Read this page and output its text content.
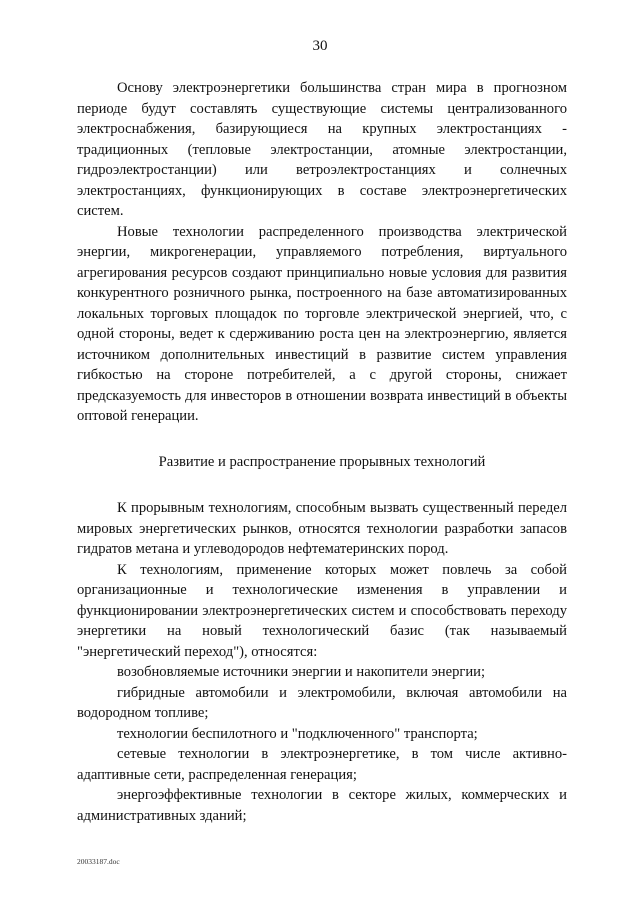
30

Основу электроэнергетики большинства стран мира в прогнозном периоде будут составлять существующие системы централизованного электроснабжения, базирующиеся на крупных электростанциях - традиционных (тепловые электростанции, атомные электростанции, гидроэлектростанции) или ветроэлектростанциях и солнечных электростанциях, функционирующих в составе электроэнергетических систем.

Новые технологии распределенного производства электрической энергии, микрогенерации, управляемого потребления, виртуального агрегирования ресурсов создают принципиально новые условия для развития конкурентного розничного рынка, построенного на базе автоматизированных локальных торговых площадок по торговле электрической энергией, что, с одной стороны, ведет к сдерживанию роста цен на электроэнергию, является источником дополнительных инвестиций в развитие систем управления гибкостью на стороне потребителей, а с другой стороны, снижает предсказуемость для инвесторов в отношении возврата инвестиций в объекты оптовой генерации.

Развитие и распространение прорывных технологий

К прорывным технологиям, способным вызвать существенный передел мировых энергетических рынков, относятся технологии разработки запасов гидратов метана и углеводородов нефтематеринских пород.

К технологиям, применение которых может повлечь за собой организационные и технологические изменения в управлении и функционировании электроэнергетических систем и способствовать переходу энергетики на новый технологический базис (так называемый "энергетический переход"), относятся:

возобновляемые источники энергии и накопители энергии;

гибридные автомобили и электромобили, включая автомобили на водородном топливе;

технологии беспилотного и "подключенного" транспорта;

сетевые технологии в электроэнергетике, в том числе активно-адаптивные сети, распределенная генерация;

энергоэффективные технологии в секторе жилых, коммерческих и административных зданий;

20033187.doc
